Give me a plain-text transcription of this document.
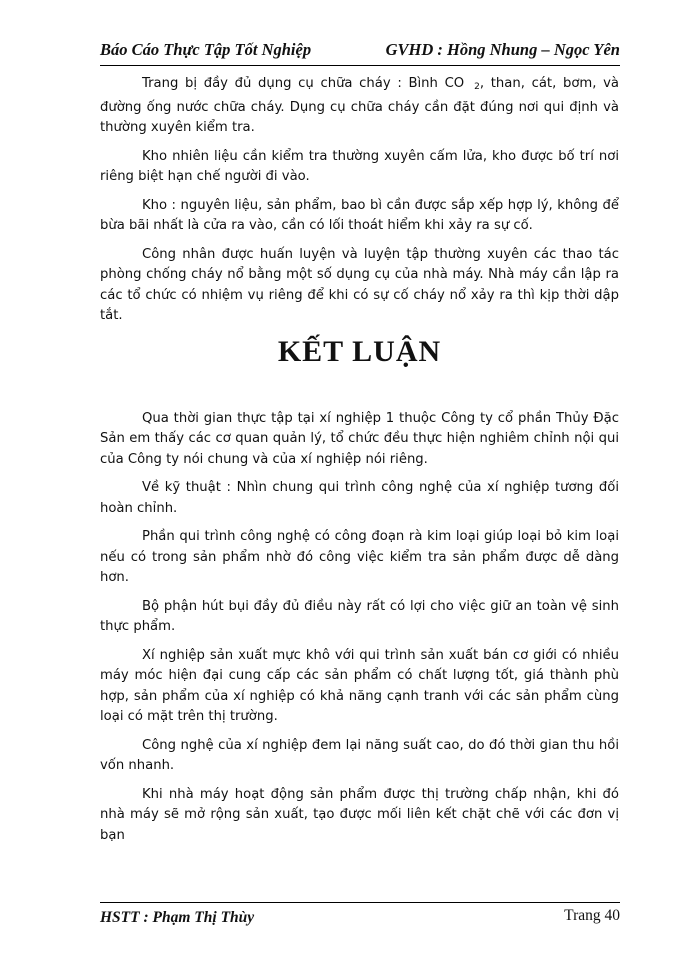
Báo Cáo Thực Tập Tốt Nghiệp	GVHD : Hồng Nhung – Ngọc Yên

Trang bị đầy đủ dụng cụ chữa cháy : Bình CO $_2$, than, cát, bơm, và đường ống nước chữa cháy. Dụng cụ chữa cháy cần đặt đúng nơi qui định và thường xuyên kiểm tra.

Kho nhiên liệu cần kiểm tra thường xuyên cấm lửa, kho được bố trí nơi riêng biệt hạn chế người đi vào.

Kho : nguyên liệu, sản phẩm, bao bì cần được sắp xếp hợp lý, không để bừa bãi nhất là cửa ra vào, cần có lối thoát hiểm khi xảy ra sự cố.

Công nhân được huấn luyện và luyện tập thường xuyên các thao tác phòng chống cháy nổ bằng một số dụng cụ của nhà máy. Nhà máy cần lập ra các tổ chức có nhiệm vụ riêng để khi có sự cố cháy nổ xảy ra thì kịp thời dập tắt.

KẾT LUẬN

Qua thời gian thực tập tại xí nghiệp 1 thuộc Công ty cổ phần Thủy Đặc Sản em thấy các cơ quan quản lý, tổ chức đều thực hiện nghiêm chỉnh nội qui của Công ty nói chung và của xí nghiệp nói riêng.

Về kỹ thuật : Nhìn chung qui trình công nghệ của xí nghiệp tương đối hoàn chỉnh.

Phần qui trình công nghệ có công đoạn rà kim loại giúp loại bỏ kim loại nếu có trong sản phẩm nhờ đó công việc kiểm tra sản phẩm được dễ dàng hơn.

Bộ phận hút bụi đầy đủ điều này rất có lợi cho việc giữ an toàn vệ sinh thực phẩm.

Xí nghiệp sản xuất mực khô với qui trình sản xuất bán cơ giới có nhiều máy móc hiện đại cung cấp các sản phẩm có chất lượng tốt, giá thành phù hợp, sản phẩm của xí nghiệp có khả năng cạnh tranh với các sản phẩm cùng loại có mặt trên thị trường.

Công nghệ của xí nghiệp đem lại năng suất cao, do đó thời gian thu hồi vốn nhanh.

Khi nhà máy hoạt động sản phẩm được thị trường chấp nhận, khi đó nhà máy sẽ mở rộng sản xuất, tạo được mối liên kết chặt chẽ với các đơn vị bạn

HSTT : Phạm Thị Thùy	Trang 40
